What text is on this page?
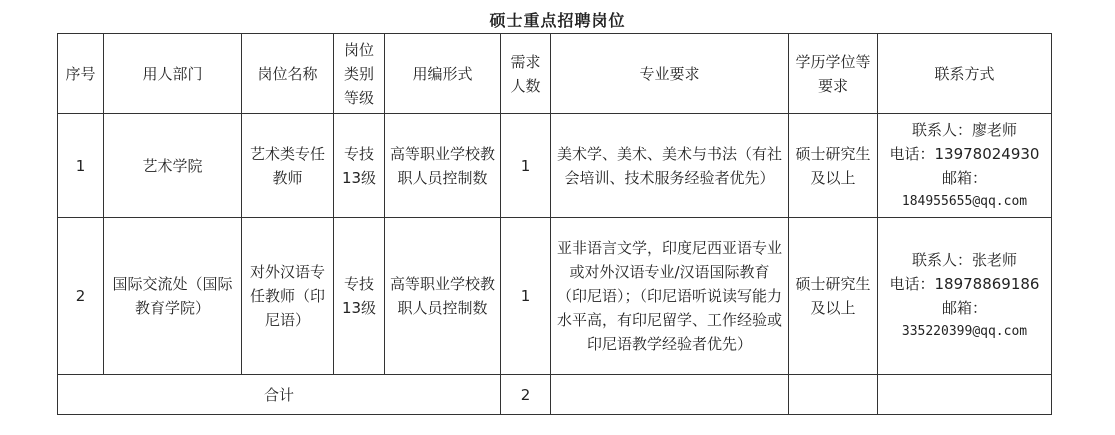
硕士重点招聘岗位
序号	用人部门	岗位名称	岗位类别等级	用编形式	需求人数	专业要求	学历学位等要求	联系方式
1	艺术学院	艺术类专任教师	专技13级	高等职业学校教职人员控制数	1	美术学、美术、美术与书法（有社会培训、技术服务经验者优先）	硕士研究生及以上	联系人：廖老师
电话：13978024930
邮箱：
184955655@qq.com

2	国际交流处（国际教育学院）	对外汉语专任教师（印尼语）	专技13级	高等职业学校教职人员控制数	1	亚非语言文学，印度尼西亚语专业或对外汉语专业/汉语国际教育（印尼语）；（印尼语听说读写能力水平高，有印尼留学、工作经验或印尼语教学经验者优先）	硕士研究生及以上	联系人：张老师
电话：18978869186
邮箱：
335220399@qq.com

合计					2			
